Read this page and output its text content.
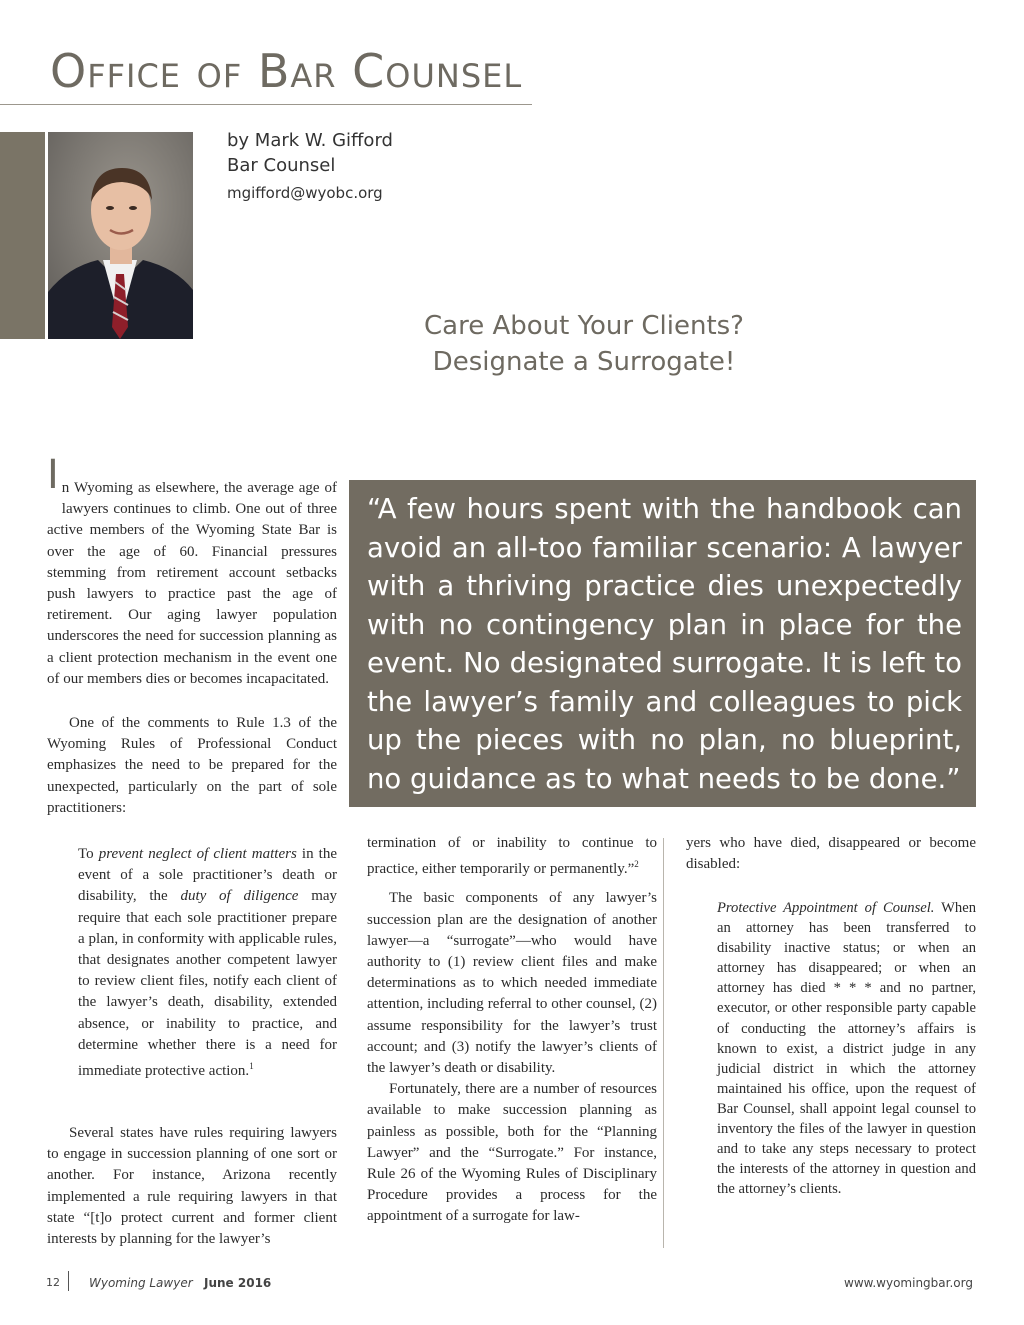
Office of Bar Counsel
by Mark W. Gifford
Bar Counsel
mgifford@wyobc.org
Care About Your Clients?
Designate a Surrogate!
“A few hours spent with the handbook can avoid an all-too familiar scenario: A lawyer with a thriving practice dies unexpectedly with no contingency plan in place for the event. No designated surrogate. It is left to the lawyer’s family and colleagues to pick up the pieces with no plan, no blueprint, no guidance as to what needs to be done.”

I n Wyoming as elsewhere, the average age of lawyers continues to climb. One out of three active members of the Wyoming State Bar is over the age of 60. Financial pressures stemming from retirement account setbacks push lawyers to practice past the age of retirement. Our aging lawyer population underscores the need for succession planning as a client protection mechanism in the event one of our members dies or becomes incapacitated.

One of the comments to Rule 1.3 of the Wyoming Rules of Professional Conduct emphasizes the need to be prepared for the unexpected, particularly on the part of sole practitioners:

To prevent neglect of client matters in the event of a sole practitioner’s death or disability, the duty of diligence may require that each sole practitioner prepare a plan, in conformity with applicable rules, that designates another competent lawyer to review client files, notify each client of the lawyer’s death, disability, extended absence, or inability to practice, and determine whether there is a need for immediate protective action.$^1$

Several states have rules requiring lawyers to engage in succession planning of one sort or another. For instance, Arizona recently implemented a rule requiring lawyers in that state “[t]o protect current and former client interests by planning for the lawyer’s

termination of or inability to continue to practice, either temporarily or permanently.”$^2$

The basic components of any lawyer’s succession plan are the designation of another lawyer—a “surrogate”—who would have authority to (1) review client files and make determinations as to which needed immediate attention, including referral to other counsel, (2) assume responsibility for the lawyer’s trust account; and (3) notify the lawyer’s clients of the lawyer’s death or disability.

Fortunately, there are a number of resources available to make succession planning as painless as possible, both for the “Planning Lawyer” and the “Surrogate.” For instance, Rule 26 of the Wyoming Rules of Disciplinary Procedure provides a process for the appointment of a surrogate for law-

yers who have died, disappeared or become disabled:

Protective Appointment of Counsel. When an attorney has been transferred to disability inactive status; or when an attorney has disappeared; or when an attorney has died * * * and no partner, executor, or other responsible party capable of conducting the attorney’s affairs is known to exist, a district judge in any judicial district in which the attorney maintained his office, upon the request of Bar Counsel, shall appoint legal counsel to inventory the files of the lawyer in question and to take any steps necessary to protect the interests of the attorney in question and the attorney’s clients.
12 Wyoming Lawyer June 2016	www.wyomingbar.org
